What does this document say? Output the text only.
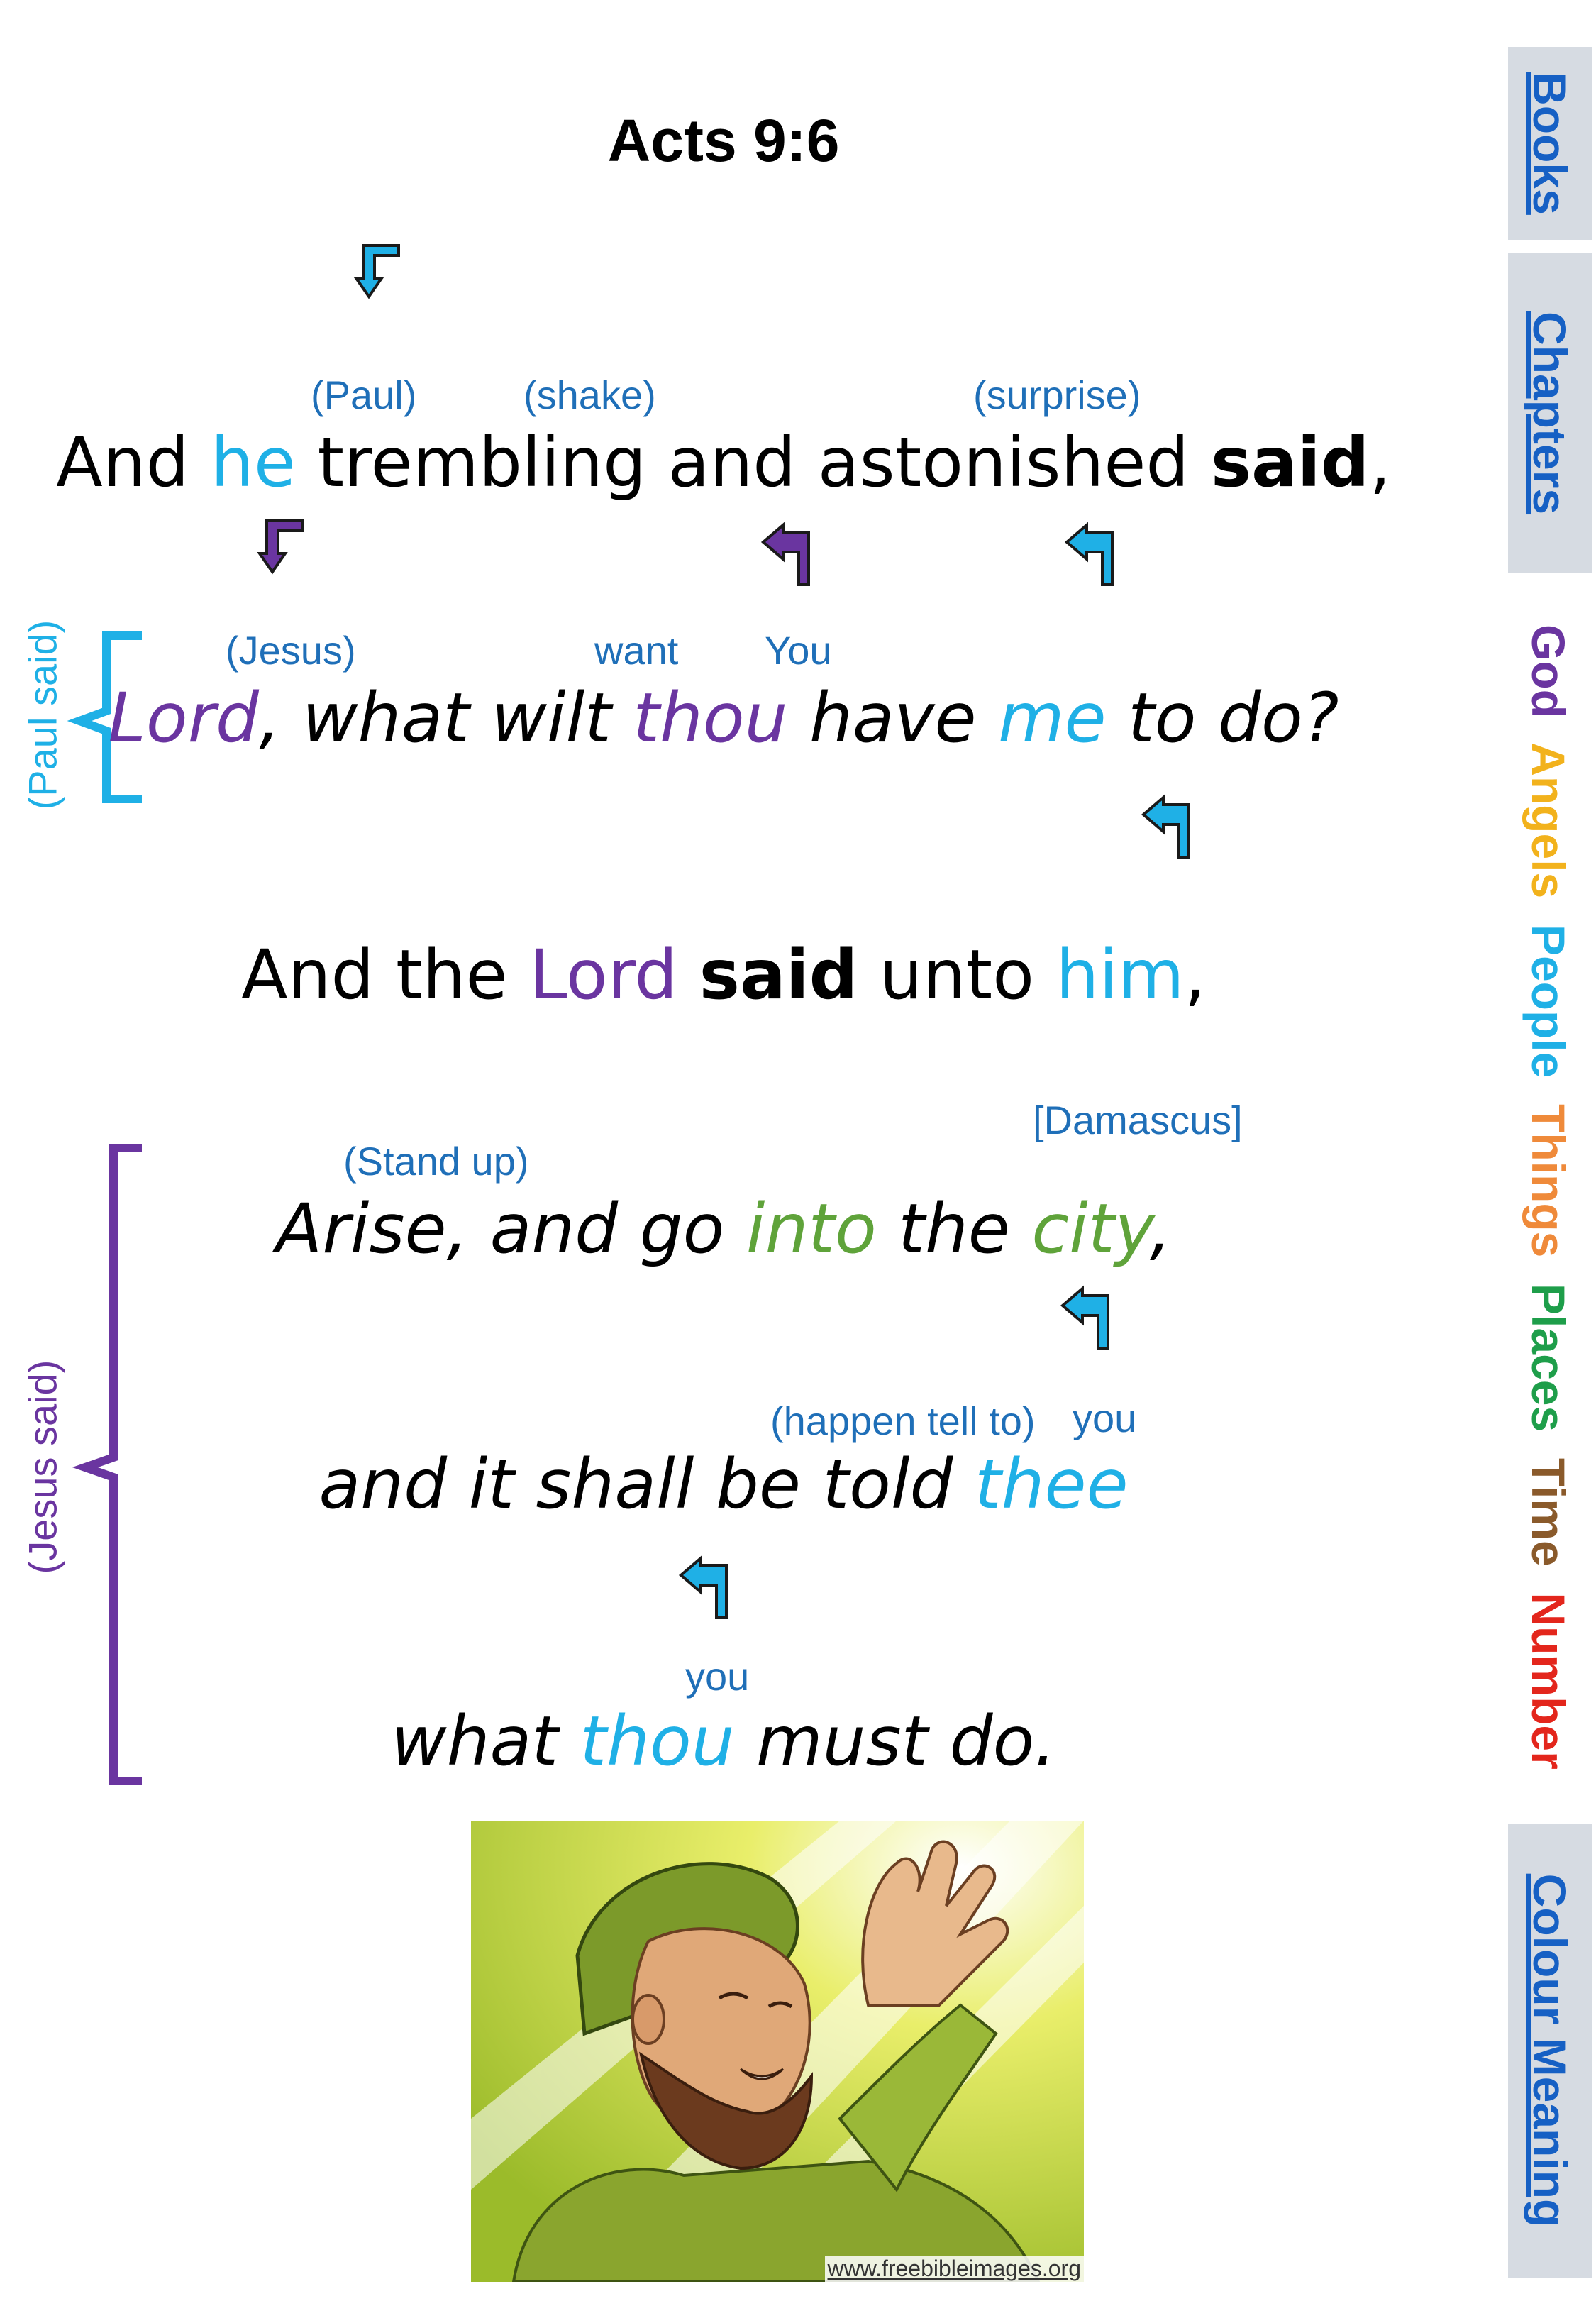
Acts 9:6
(Paul said)
(Jesus said)
(Paul)	(shake)	(surprise)
(Jesus)	want You
[Damascus]
(Stand up)
(happen tell to) you
you
And he trembling and astonished said,
Lord, what wilt thou have me to do?
And the Lord said unto him,
Arise, and go into the city,
and it shall be told thee
what thou must do.
www.freebibleimages.org
Books
Chapters
God  Angels  People  Things  Places  Time  Number
Colour Meaning
